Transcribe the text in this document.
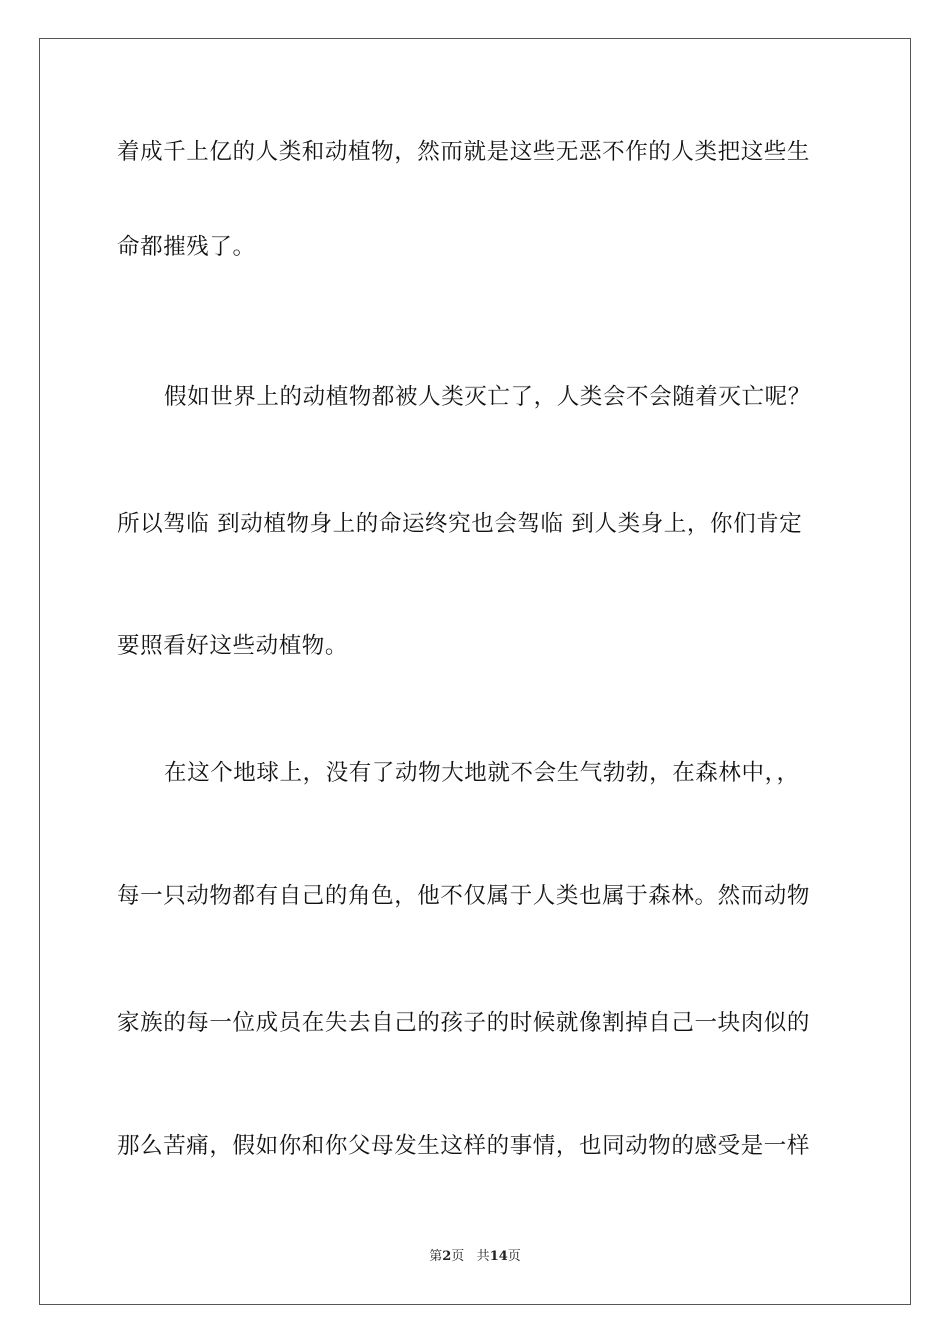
着成千上亿的人类和动植物，然而就是这些无恶不作的人类把这些生
命都摧残了。
假如世界上的动植物都被人类灭亡了，人类会不会随着灭亡呢？
所以驾临 到动植物身上的命运终究也会驾临 到人类身上，你们肯定
要照看好这些动植物。
在这个地球上，没有了动物大地就不会生气勃勃，在森林中，，
每一只动物都有自己的角色，他不仅属于人类也属于森林。然而动物
家族的每一位成员在失去自己的孩子的时候就像割掉自己一块肉似的
那么苦痛，假如你和你父母发生这样的事情，也同动物的感受是一样
第2页 共14页
